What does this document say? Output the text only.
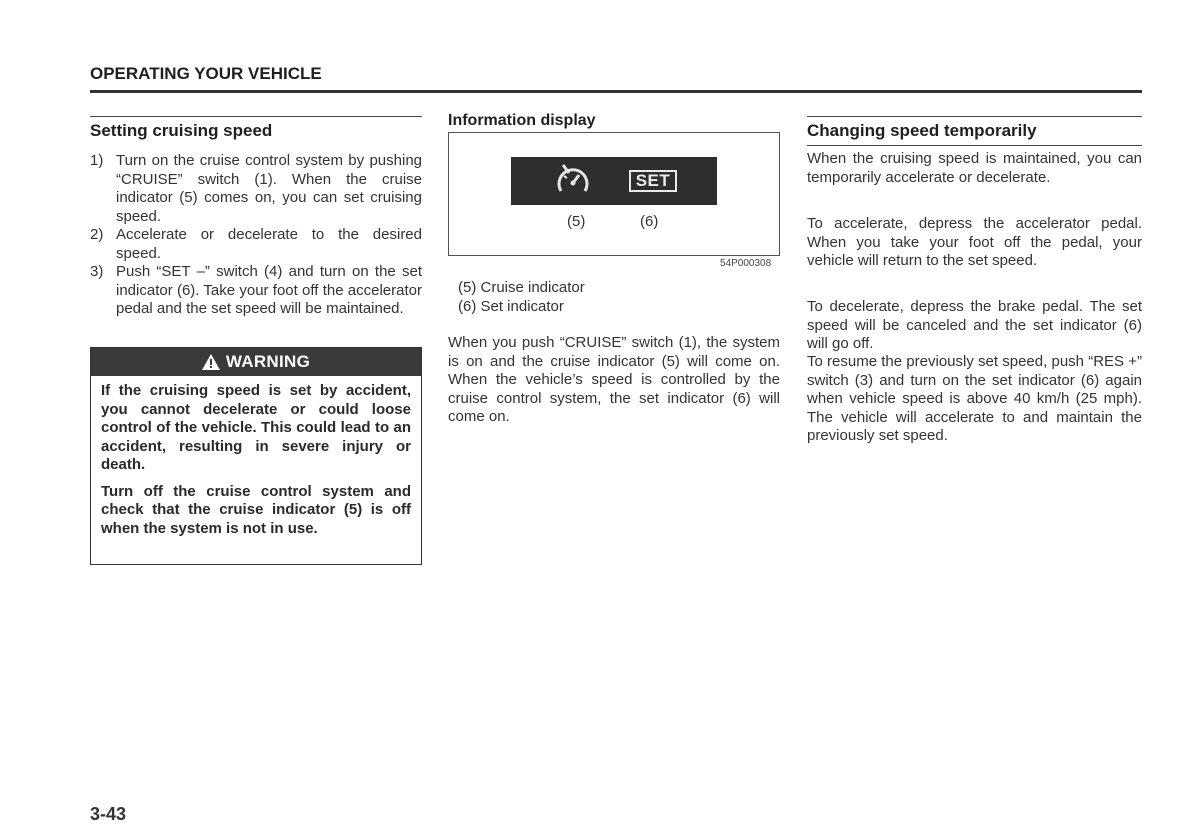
OPERATING YOUR VEHICLE
Setting cruising speed
1) Turn on the cruise control system by pushing “CRUISE” switch (1). When the cruise indicator (5) comes on, you can set cruising speed.
2) Accelerate or decelerate to the desired speed.
3) Push “SET –” switch (4) and turn on the set indicator (6). Take your foot off the accelerator pedal and the set speed will be maintained.
WARNING

If the cruising speed is set by accident, you cannot decelerate or could loose control of the vehicle. This could lead to an accident, resulting in severe injury or death.

Turn off the cruise control system and check that the cruise indicator (5) is off when the system is not in use.

Information display
SET
(5)	(6)
54P000308
(5) Cruise indicator
(6) Set indicator
When you push “CRUISE” switch (1), the system is on and the cruise indicator (5) will come on. When the vehicle’s speed is controlled by the cruise control system, the set indicator (6) will come on.
Changing speed temporarily
When the cruising speed is maintained, you can temporarily accelerate or decelerate.
To accelerate, depress the accelerator pedal. When you take your foot off the pedal, your vehicle will return to the set speed.
To decelerate, depress the brake pedal. The set speed will be canceled and the set indicator (6) will go off.
To resume the previously set speed, push “RES +” switch (3) and turn on the set indicator (6) again when vehicle speed is above 40 km/h (25 mph). The vehicle will accelerate to and maintain the previously set speed.
3-43
